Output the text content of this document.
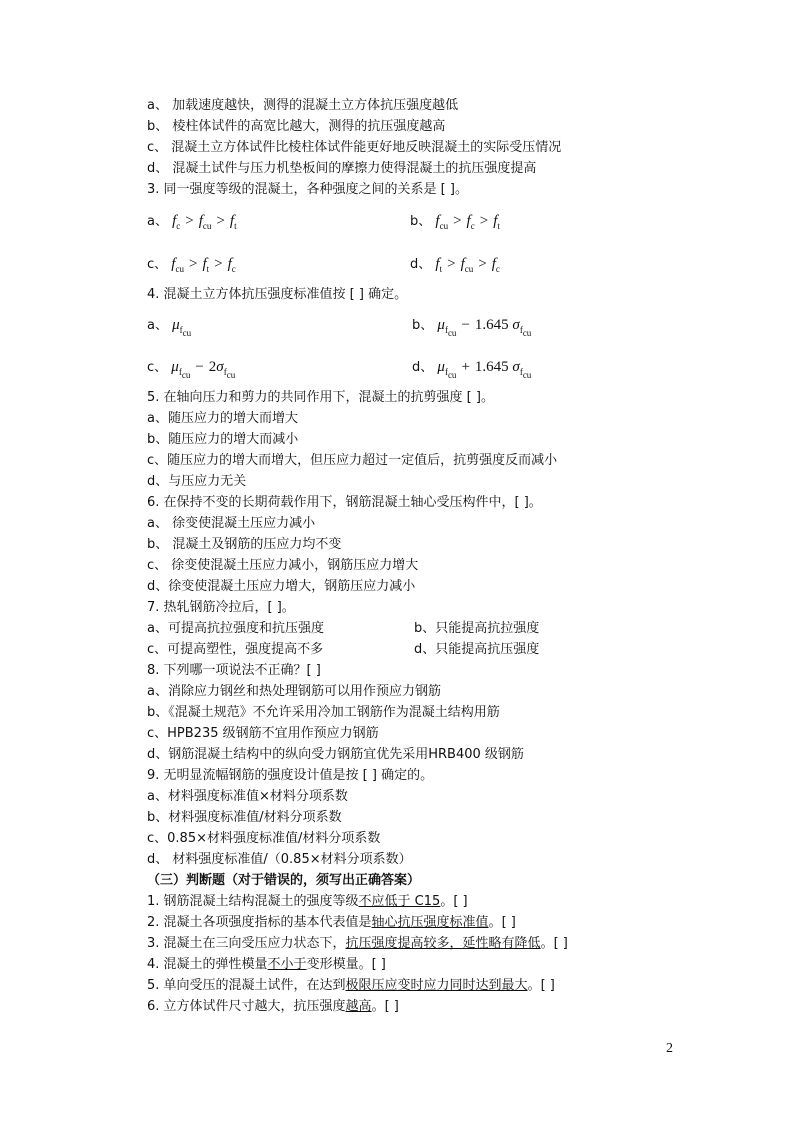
a、 加载速度越快，测得的混凝土立方体抗压强度越低
b、 棱柱体试件的高宽比越大，测得的抗压强度越高
c、 混凝土立方体试件比棱柱体试件能更好地反映混凝土的实际受压情况
d、 混凝土试件与压力机垫板间的摩擦力使得混凝土的抗压强度提高
3. 同一强度等级的混凝土，各种强度之间的关系是 [ ]。
a、 $f_c > f_{cu} > f_t$	b、 $f_{cu} > f_c > f_t$
c、 $f_{cu} > f_t > f_c$	d、 $f_t > f_{cu} > f_c$
4. 混凝土立方体抗压强度标准值按 [ ] 确定。
a、 $\mu_{f_{cu}}$	b、 $\mu_{f_{cu}} - 1.645$ $\sigma_{f_{cu}}$
c、 $\mu_{f_{cu}} - 2\sigma_{f_{cu}}$	d、 $\mu_{f_{cu}} + 1.645$ $\sigma_{f_{cu}}$
5. 在轴向压力和剪力的共同作用下，混凝土的抗剪强度 [ ]。
a、随压应力的增大而增大
b、随压应力的增大而减小
c、随压应力的增大而增大，但压应力超过一定值后，抗剪强度反而减小
d、与压应力无关
6. 在保持不变的长期荷载作用下，钢筋混凝土轴心受压构件中，[ ]。
a、 徐变使混凝土压应力减小
b、 混凝土及钢筋的压应力均不变
c、 徐变使混凝土压应力减小，钢筋压应力增大
d、徐变使混凝土压应力增大，钢筋压应力减小
7. 热轧钢筋冷拉后，[ ]。
a、可提高抗拉强度和抗压强度	b、只能提高抗拉强度
c、可提高塑性，强度提高不多	d、只能提高抗压强度
8. 下列哪一项说法不正确？[ ]
a、消除应力钢丝和热处理钢筋可以用作预应力钢筋
b、《混凝土规范》不允许采用冷加工钢筋作为混凝土结构用筋
c、HPB235 级钢筋不宜用作预应力钢筋
d、钢筋混凝土结构中的纵向受力钢筋宜优先采用HRB400 级钢筋
9. 无明显流幅钢筋的强度设计值是按 [ ] 确定的。
a、材料强度标准值×材料分项系数
b、材料强度标准值/材料分项系数
c、0.85×材料强度标准值/材料分项系数
d、 材料强度标准值/（0.85×材料分项系数）
（三）判断题（对于错误的，须写出正确答案）
1. 钢筋混凝土结构混凝土的强度等级不应低于 C15。[ ]
2. 混凝土各项强度指标的基本代表值是轴心抗压强度标准值。[ ]
3. 混凝土在三向受压应力状态下，抗压强度提高较多，延性略有降低。[ ]
4. 混凝土的弹性模量不小于变形模量。[ ]
5. 单向受压的混凝土试件，在达到极限压应变时应力同时达到最大。[ ]
6. 立方体试件尺寸越大，抗压强度越高。[ ]
2
